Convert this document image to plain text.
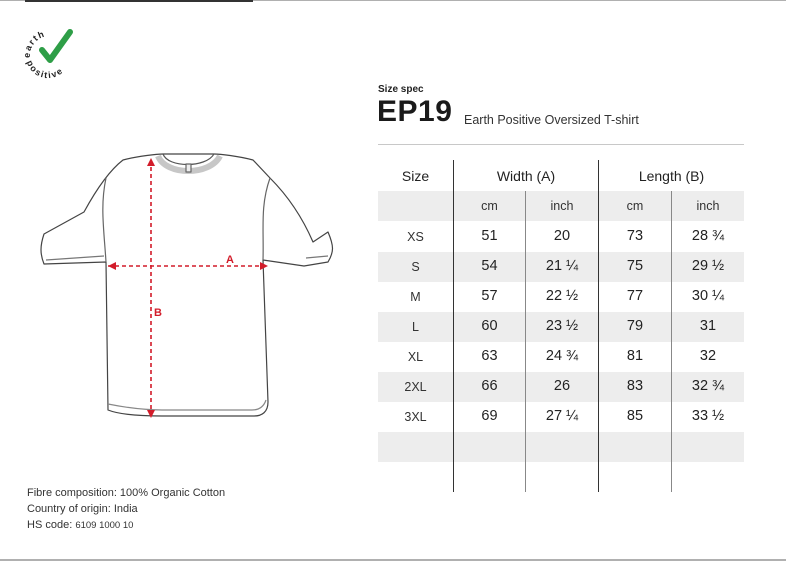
earth
positive
Size spec
EP19 Earth Positive Oversized T-shirt
A
B
Size	Width (A)	Length (B)
cm	inch	cm	inch
XS	51	20	73	28 ¾
S	54	21 ¼	75	29 ½
M	57	22 ½	77	30 ¼
L	60	23 ½	79	31
XL	63	24 ¾	81	32
2XL	66	26	83	32 ¾
3XL	69	27 ¼	85	33 ½
Fibre composition: 100% Organic Cotton
Country of origin: India
HS code: 6109 1000 10
